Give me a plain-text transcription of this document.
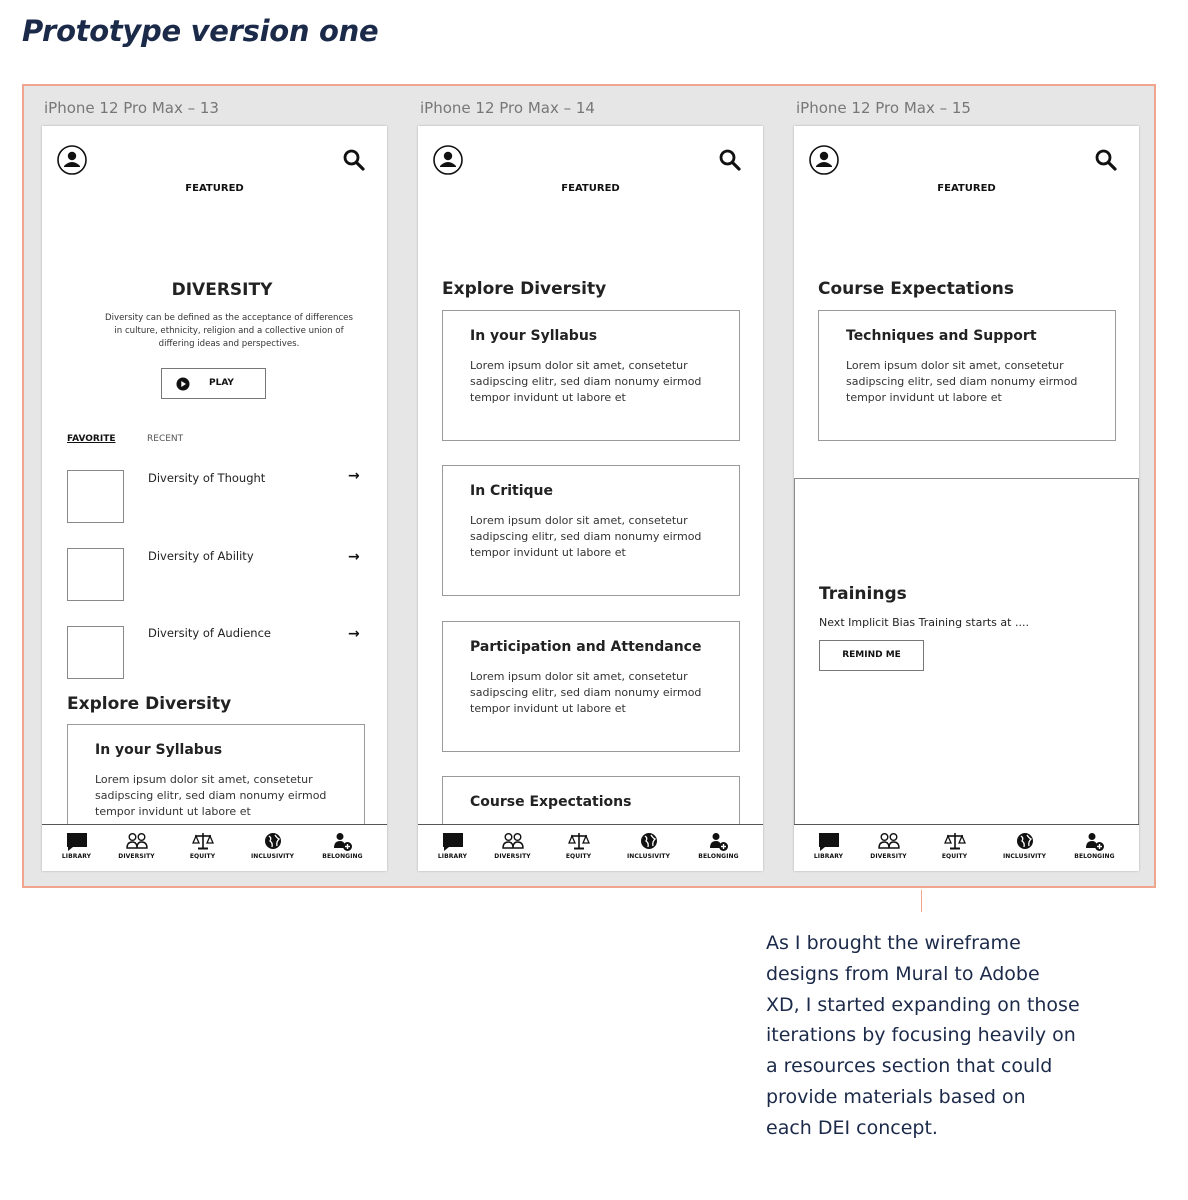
Prototype version one
iPhone 12 Pro Max – 13	iPhone 12 Pro Max – 14	iPhone 12 Pro Max – 15
FEATURED
DIVERSITY
Diversity can be defined as the acceptance of differences in culture, ethnicity, religion and a collective union of differing ideas and perspectives.
PLAY
FAVORITE	RECENT
Diversity of Thought	→
Diversity of Ability	→
Diversity of Audience	→
Explore Diversity
In your Syllabus
Lorem ipsum dolor sit amet, consetetur sadipscing elitr, sed diam nonumy eirmod tempor invidunt ut labore et
LIBRARY	DIVERSITY	EQUITY	INCLUSIVITY	BELONGING
FEATURED
Explore Diversity
In your Syllabus
Lorem ipsum dolor sit amet, consetetur sadipscing elitr, sed diam nonumy eirmod tempor invidunt ut labore et
In Critique
Lorem ipsum dolor sit amet, consetetur sadipscing elitr, sed diam nonumy eirmod tempor invidunt ut labore et
Participation and Attendance
Lorem ipsum dolor sit amet, consetetur sadipscing elitr, sed diam nonumy eirmod tempor invidunt ut labore et
Course Expectations
LIBRARY	DIVERSITY	EQUITY	INCLUSIVITY	BELONGING
FEATURED
Course Expectations
Techniques and Support
Lorem ipsum dolor sit amet, consetetur sadipscing elitr, sed diam nonumy eirmod tempor invidunt ut labore et
Trainings
Next Implicit Bias Training starts at ....
REMIND ME
LIBRARY	DIVERSITY	EQUITY	INCLUSIVITY	BELONGING

As I brought the wireframe
designs from Mural to Adobe
XD, I started expanding on those
iterations by focusing heavily on
a resources section that could
provide materials based on
each DEI concept.
